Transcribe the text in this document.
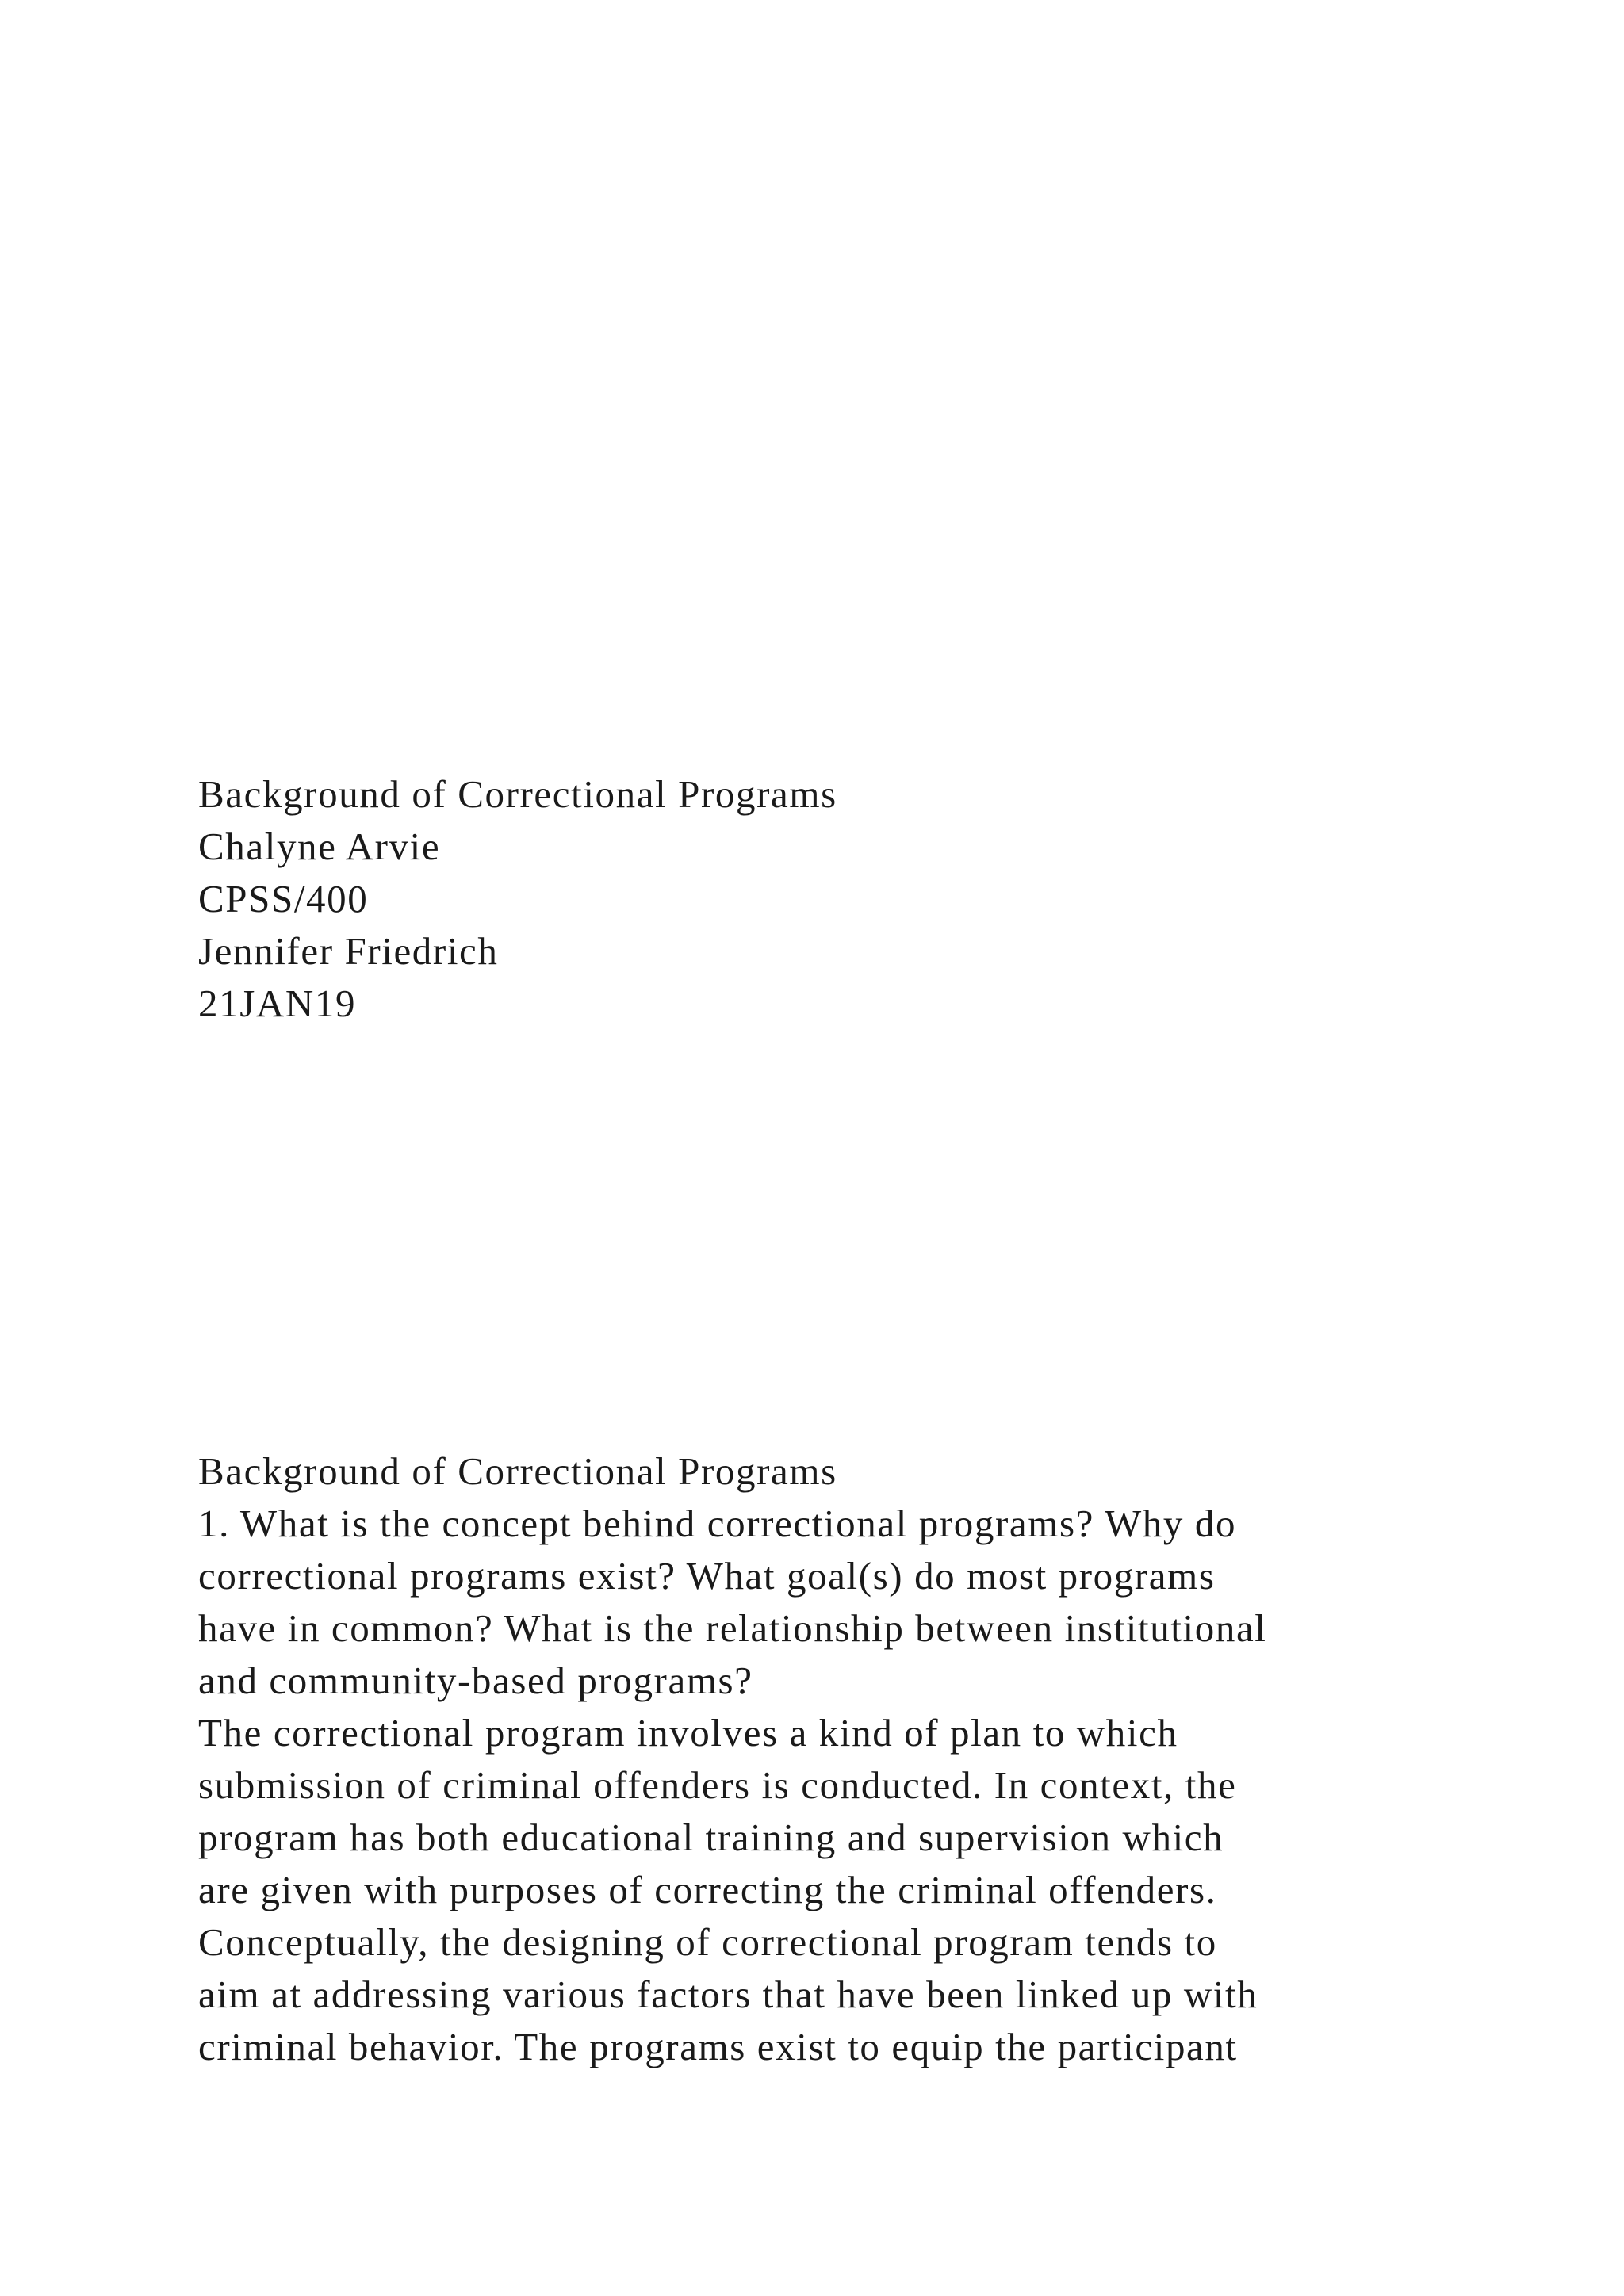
Background of Correctional Programs
Chalyne Arvie
CPSS/400
Jennifer Friedrich
21JAN19
Background of Correctional Programs
1. What is the concept behind correctional programs? Why do
correctional programs exist? What goal(s) do most programs
have in common? What is the relationship between institutional
and community-based programs?
The correctional program involves a kind of plan to which
submission of criminal offenders is conducted. In context, the
program has both educational training and supervision which
are given with purposes of correcting the criminal offenders.
Conceptually, the designing of correctional program tends to
aim at addressing various factors that have been linked up with
criminal behavior. The programs exist to equip the participant
